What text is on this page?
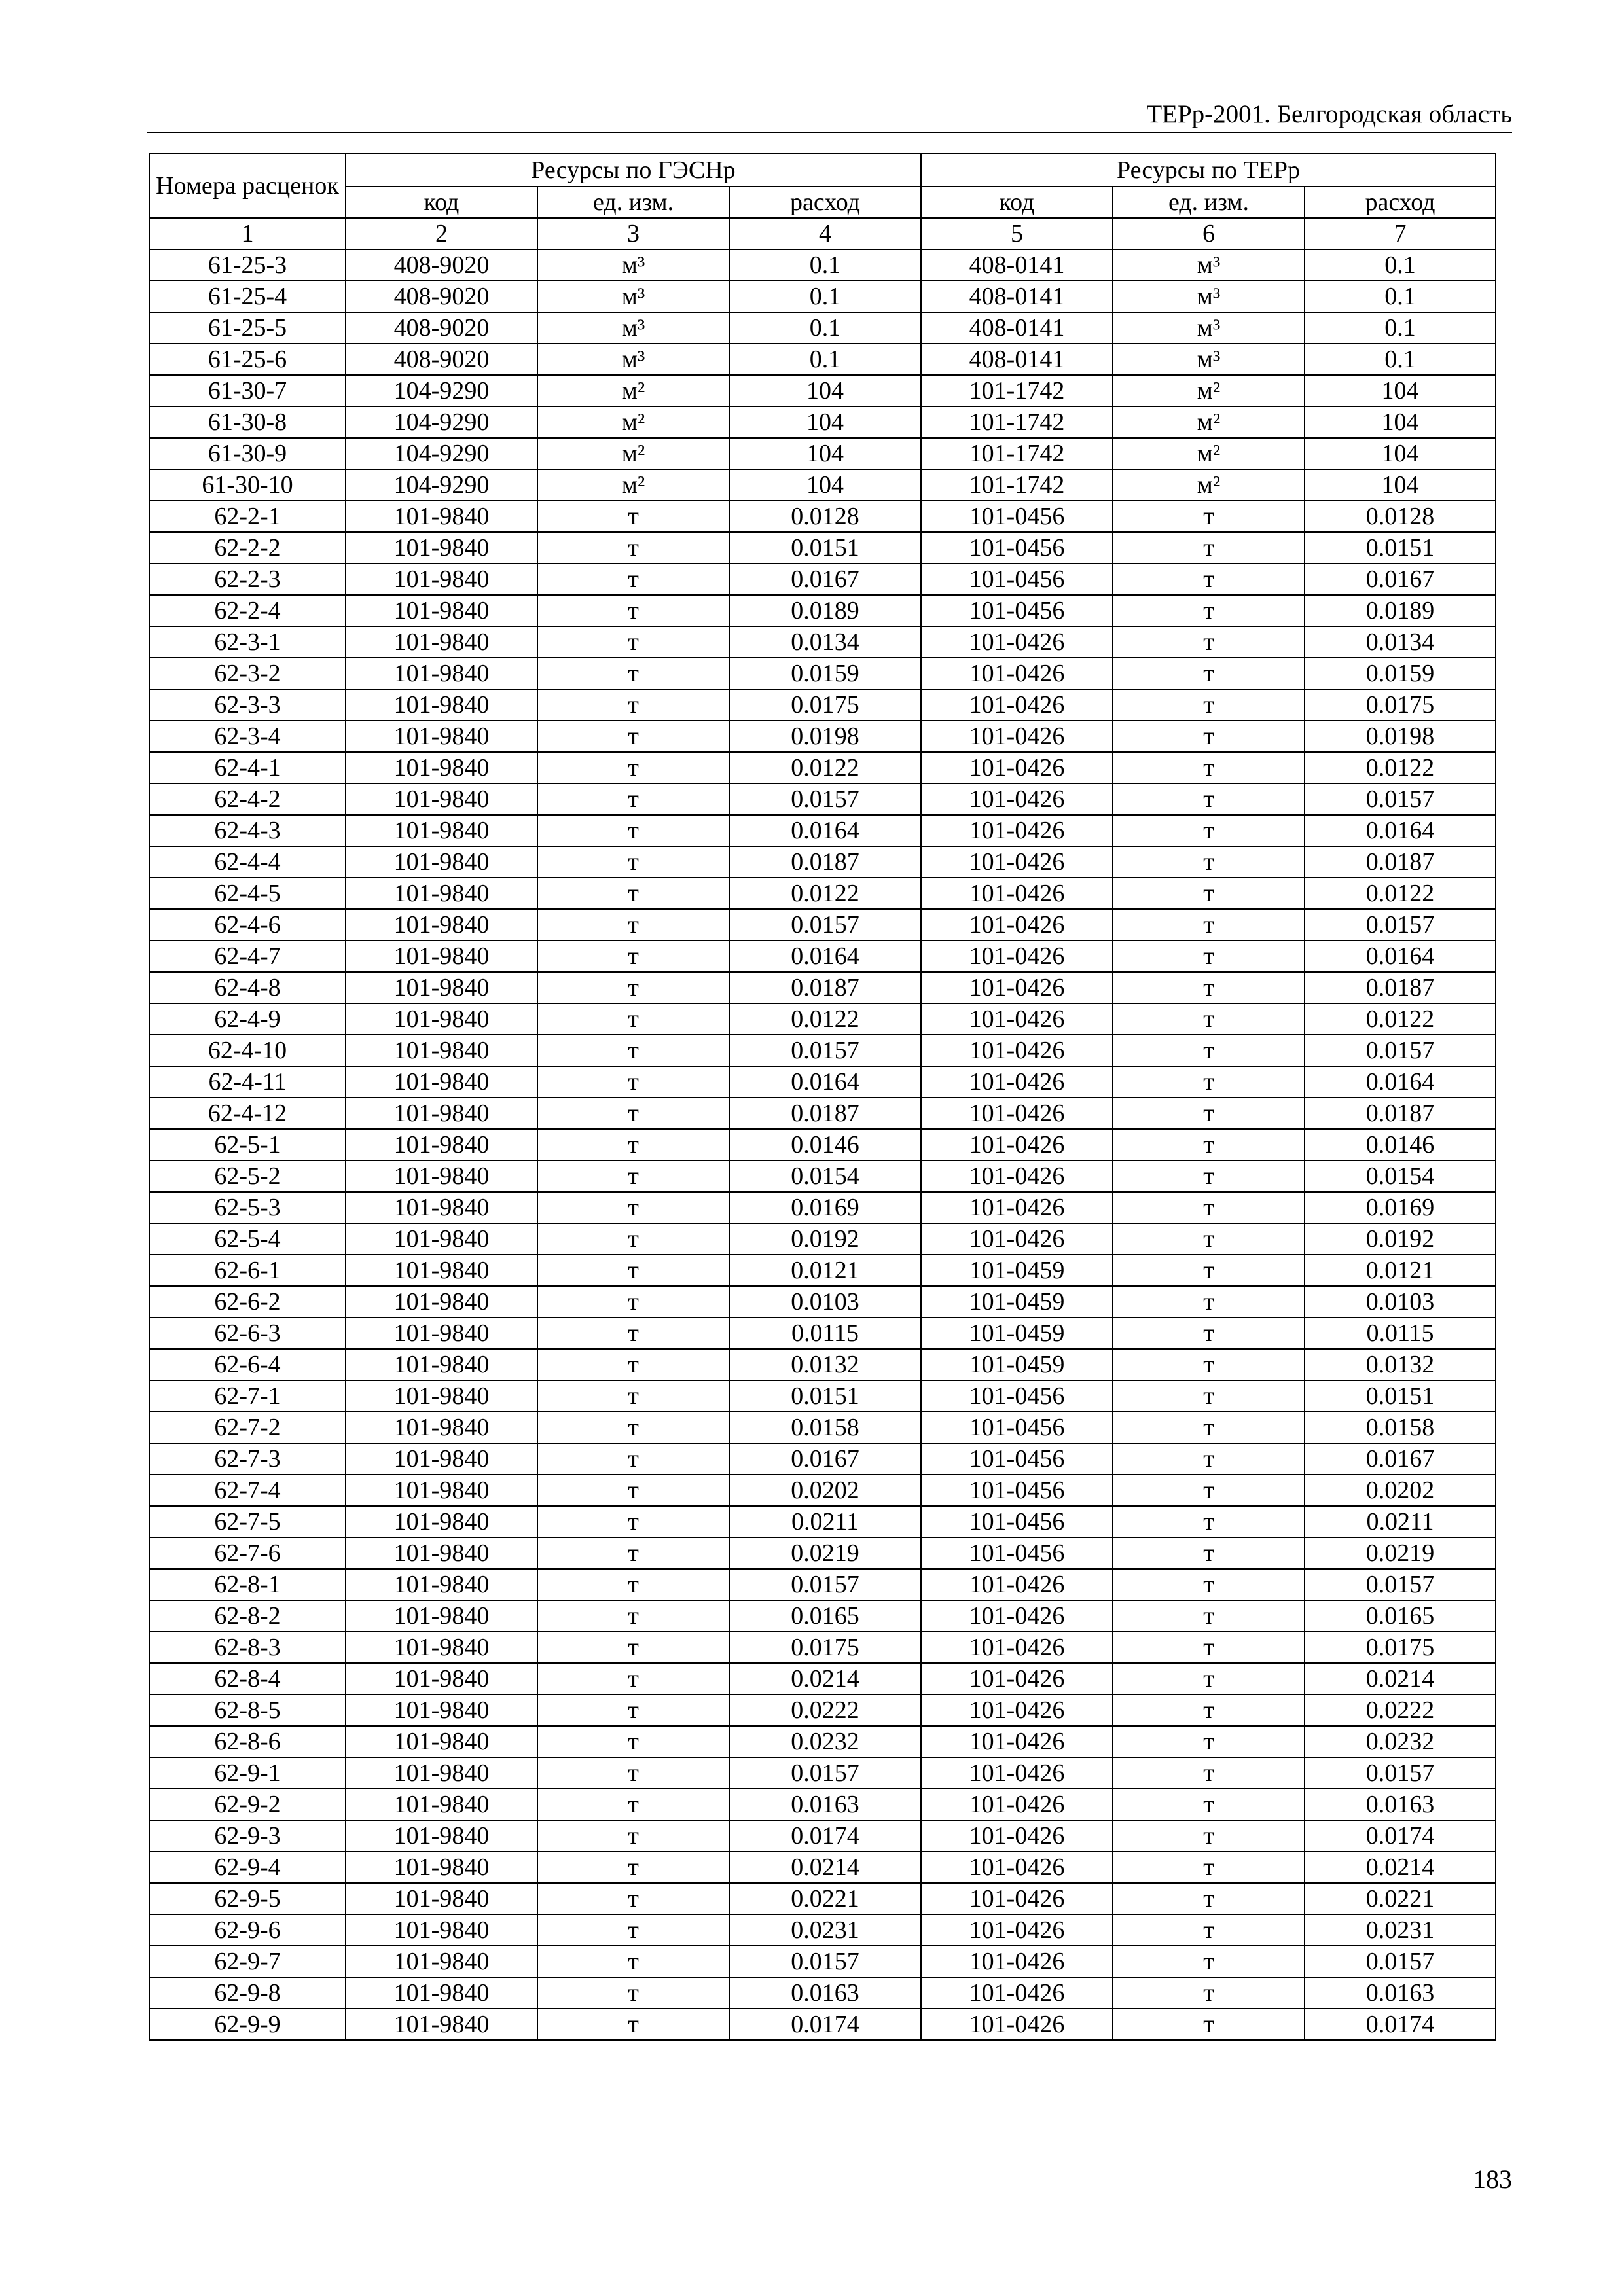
ТЕРр-2001. Белгородская область
Номера расценок	Ресурсы по ГЭСНр			Ресурсы по ТЕРр		
	код	ед. изм.	расход	код	ед. изм.	расход
1	2	3	4	5	6	7
61-25-3	408-9020	м³	0.1	408-0141	м³	0.1
61-25-4	408-9020	м³	0.1	408-0141	м³	0.1
61-25-5	408-9020	м³	0.1	408-0141	м³	0.1
61-25-6	408-9020	м³	0.1	408-0141	м³	0.1
61-30-7	104-9290	м²	104	101-1742	м²	104
61-30-8	104-9290	м²	104	101-1742	м²	104
61-30-9	104-9290	м²	104	101-1742	м²	104
61-30-10	104-9290	м²	104	101-1742	м²	104
62-2-1	101-9840	т	0.0128	101-0456	т	0.0128
62-2-2	101-9840	т	0.0151	101-0456	т	0.0151
62-2-3	101-9840	т	0.0167	101-0456	т	0.0167
62-2-4	101-9840	т	0.0189	101-0456	т	0.0189
62-3-1	101-9840	т	0.0134	101-0426	т	0.0134
62-3-2	101-9840	т	0.0159	101-0426	т	0.0159
62-3-3	101-9840	т	0.0175	101-0426	т	0.0175
62-3-4	101-9840	т	0.0198	101-0426	т	0.0198
62-4-1	101-9840	т	0.0122	101-0426	т	0.0122
62-4-2	101-9840	т	0.0157	101-0426	т	0.0157
62-4-3	101-9840	т	0.0164	101-0426	т	0.0164
62-4-4	101-9840	т	0.0187	101-0426	т	0.0187
62-4-5	101-9840	т	0.0122	101-0426	т	0.0122
62-4-6	101-9840	т	0.0157	101-0426	т	0.0157
62-4-7	101-9840	т	0.0164	101-0426	т	0.0164
62-4-8	101-9840	т	0.0187	101-0426	т	0.0187
62-4-9	101-9840	т	0.0122	101-0426	т	0.0122
62-4-10	101-9840	т	0.0157	101-0426	т	0.0157
62-4-11	101-9840	т	0.0164	101-0426	т	0.0164
62-4-12	101-9840	т	0.0187	101-0426	т	0.0187
62-5-1	101-9840	т	0.0146	101-0426	т	0.0146
62-5-2	101-9840	т	0.0154	101-0426	т	0.0154
62-5-3	101-9840	т	0.0169	101-0426	т	0.0169
62-5-4	101-9840	т	0.0192	101-0426	т	0.0192
62-6-1	101-9840	т	0.0121	101-0459	т	0.0121
62-6-2	101-9840	т	0.0103	101-0459	т	0.0103
62-6-3	101-9840	т	0.0115	101-0459	т	0.0115
62-6-4	101-9840	т	0.0132	101-0459	т	0.0132
62-7-1	101-9840	т	0.0151	101-0456	т	0.0151
62-7-2	101-9840	т	0.0158	101-0456	т	0.0158
62-7-3	101-9840	т	0.0167	101-0456	т	0.0167
62-7-4	101-9840	т	0.0202	101-0456	т	0.0202
62-7-5	101-9840	т	0.0211	101-0456	т	0.0211
62-7-6	101-9840	т	0.0219	101-0456	т	0.0219
62-8-1	101-9840	т	0.0157	101-0426	т	0.0157
62-8-2	101-9840	т	0.0165	101-0426	т	0.0165
62-8-3	101-9840	т	0.0175	101-0426	т	0.0175
62-8-4	101-9840	т	0.0214	101-0426	т	0.0214
62-8-5	101-9840	т	0.0222	101-0426	т	0.0222
62-8-6	101-9840	т	0.0232	101-0426	т	0.0232
62-9-1	101-9840	т	0.0157	101-0426	т	0.0157
62-9-2	101-9840	т	0.0163	101-0426	т	0.0163
62-9-3	101-9840	т	0.0174	101-0426	т	0.0174
62-9-4	101-9840	т	0.0214	101-0426	т	0.0214
62-9-5	101-9840	т	0.0221	101-0426	т	0.0221
62-9-6	101-9840	т	0.0231	101-0426	т	0.0231
62-9-7	101-9840	т	0.0157	101-0426	т	0.0157
62-9-8	101-9840	т	0.0163	101-0426	т	0.0163
62-9-9	101-9840	т	0.0174	101-0426	т	0.0174
183
